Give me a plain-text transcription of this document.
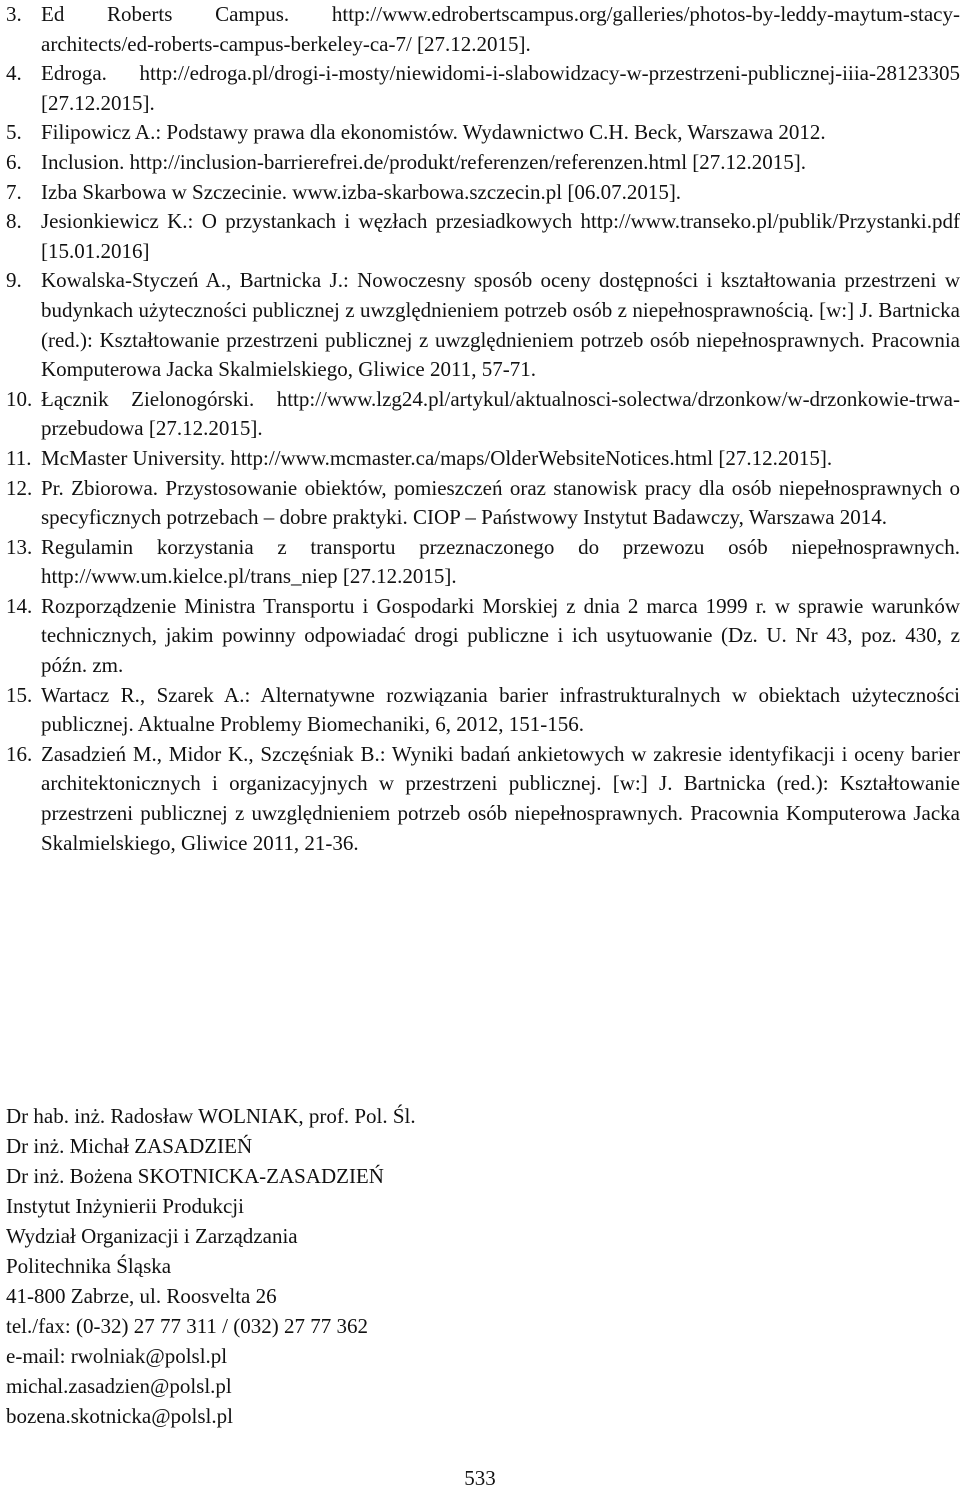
3. Ed Roberts Campus. http://www.edrobertscampus.org/galleries/photos-by-leddy-maytum-stacy-architects/ed-roberts-campus-berkeley-ca-7/ [27.12.2015].
4. Edroga. http://edroga.pl/drogi-i-mosty/niewidomi-i-slabowidzacy-w-przestrzeni-publicznej-iiia-28123305 [27.12.2015].
5. Filipowicz A.: Podstawy prawa dla ekonomistów. Wydawnictwo C.H. Beck, Warszawa 2012.
6. Inclusion. http://inclusion-barrierefrei.de/produkt/referenzen/referenzen.html [27.12.2015].
7. Izba Skarbowa w Szczecinie. www.izba-skarbowa.szczecin.pl [06.07.2015].
8. Jesionkiewicz K.: O przystankach i węzłach przesiadkowych http://www.transeko.pl/publik/Przystanki.pdf [15.01.2016]
9. Kowalska-Styczeń A., Bartnicka J.: Nowoczesny sposób oceny dostępności i kształtowania przestrzeni w budynkach użyteczności publicznej z uwzględnieniem potrzeb osób z niepełnosprawnością. [w:] J. Bartnicka (red.): Kształtowanie przestrzeni publicznej z uwzględnieniem potrzeb osób niepełnosprawnych. Pracownia Komputerowa Jacka Skalmielskiego, Gliwice 2011, 57-71.
10. Łącznik Zielonogórski. http://www.lzg24.pl/artykul/aktualnosci-solectwa/drzonkow/w-drzonkowie-trwa-przebudowa [27.12.2015].
11. McMaster University. http://www.mcmaster.ca/maps/OlderWebsiteNotices.html [27.12.2015].
12. Pr. Zbiorowa. Przystosowanie obiektów, pomieszczeń oraz stanowisk pracy dla osób niepełnosprawnych o specyficznych potrzebach – dobre praktyki. CIOP – Państwowy Instytut Badawczy, Warszawa 2014.
13. Regulamin korzystania z transportu przeznaczonego do przewozu osób niepełnosprawnych. http://www.um.kielce.pl/trans_niep [27.12.2015].
14. Rozporządzenie Ministra Transportu i Gospodarki Morskiej z dnia 2 marca 1999 r. w sprawie warunków technicznych, jakim powinny odpowiadać drogi publiczne i ich usytuowanie (Dz. U. Nr 43, poz. 430, z późn. zm.
15. Wartacz R., Szarek A.: Alternatywne rozwiązania barier infrastrukturalnych w obiektach użyteczności publicznej. Aktualne Problemy Biomechaniki, 6, 2012, 151-156.
16. Zasadzień M., Midor K., Szczęśniak B.: Wyniki badań ankietowych w zakresie identyfikacji i oceny barier architektonicznych i organizacyjnych w przestrzeni publicznej. [w:] J. Bartnicka (red.): Kształtowanie przestrzeni publicznej z uwzględnieniem potrzeb osób niepełnosprawnych. Pracownia Komputerowa Jacka Skalmielskiego, Gliwice 2011, 21-36.
Dr hab. inż. Radosław WOLNIAK, prof. Pol. Śl.
Dr inż. Michał ZASADZIEŃ
Dr inż. Bożena SKOTNICKA-ZASADZIEŃ
Instytut Inżynierii Produkcji
Wydział Organizacji i Zarządzania
Politechnika Śląska
41-800 Zabrze, ul. Roosvelta 26
tel./fax: (0-32) 27 77 311 / (032) 27 77 362
e-mail: rwolniak@polsl.pl
michal.zasadzien@polsl.pl
bozena.skotnicka@polsl.pl
533
